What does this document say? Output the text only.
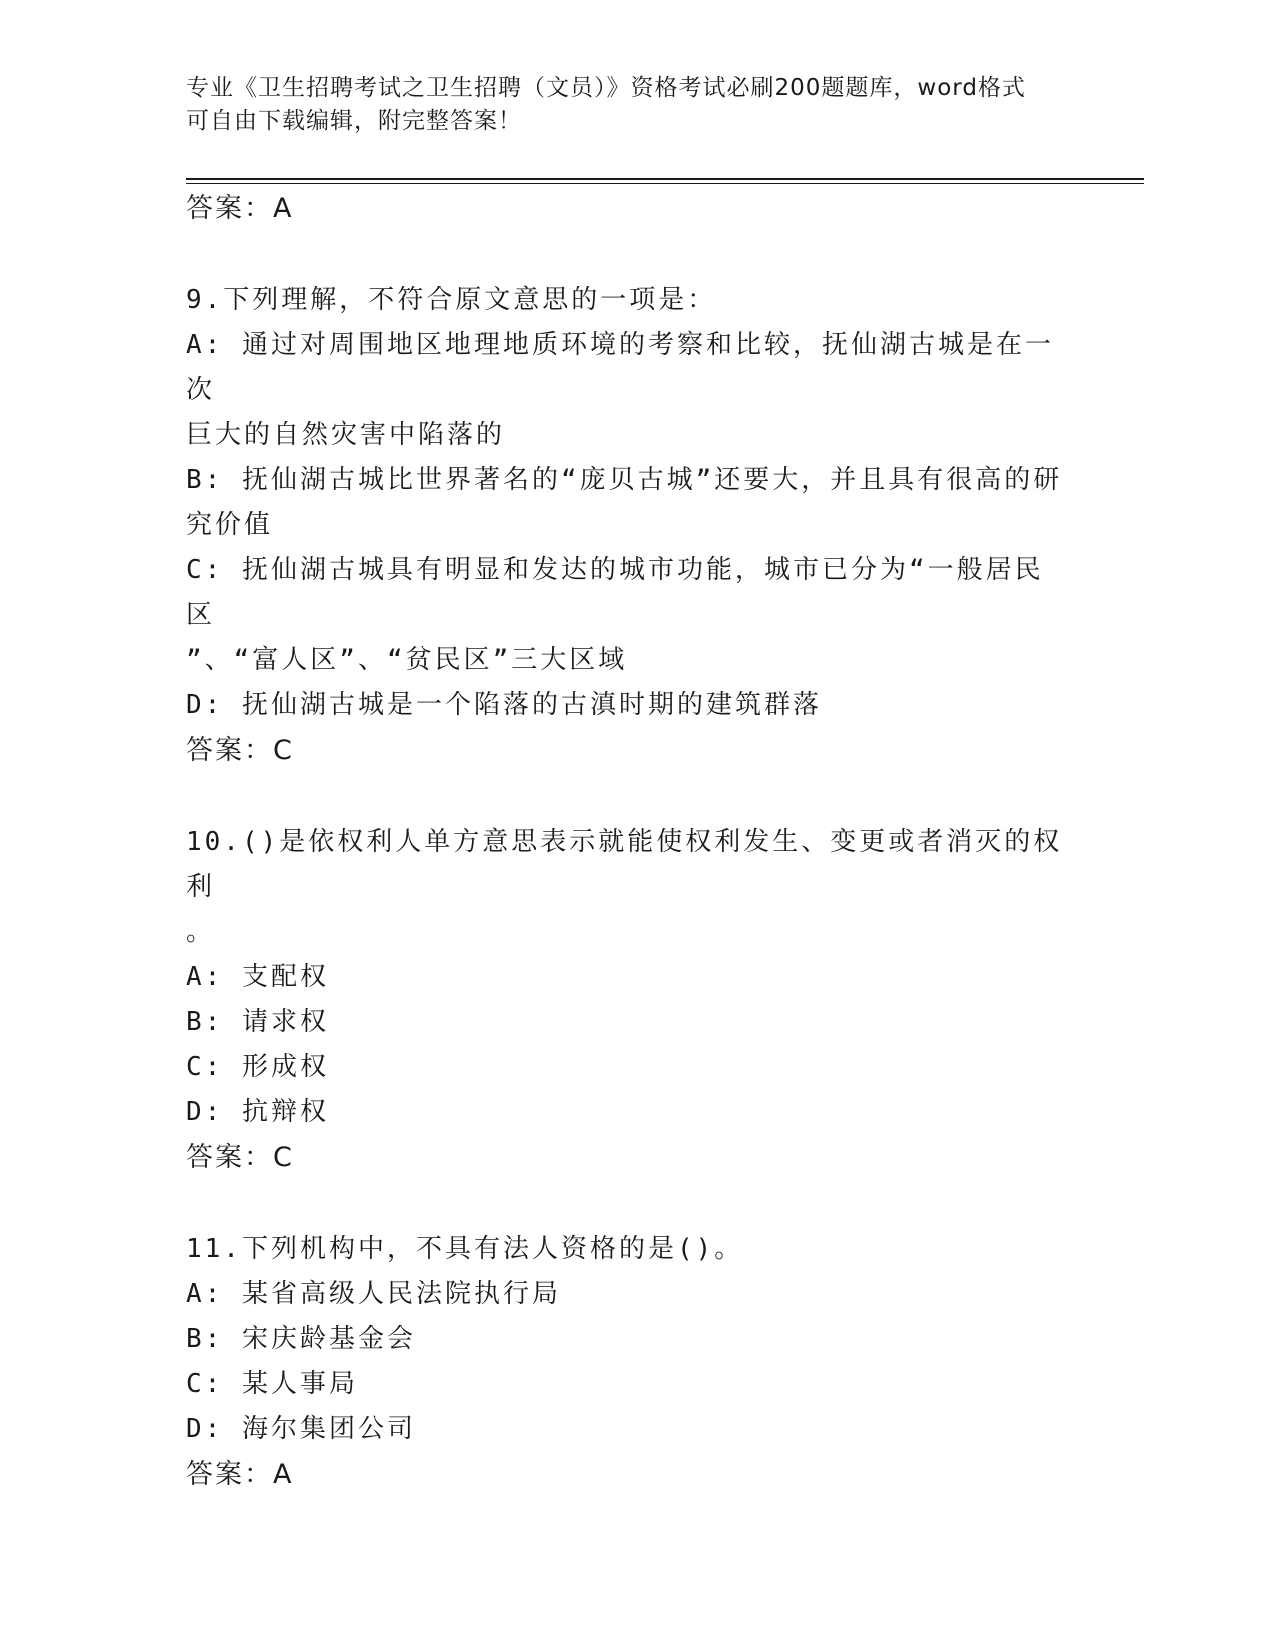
专业《卫生招聘考试之卫生招聘（文员）》资格考试必刷200题题库，word格式
可自由下载编辑，附完整答案！
答案：A
9.下列理解，不符合原文意思的一项是：
A: 通过对周围地区地理地质环境的考察和比较，抚仙湖古城是在一次
巨大的自然灾害中陷落的
B: 抚仙湖古城比世界著名的“庞贝古城”还要大，并且具有很高的研
究价值
C: 抚仙湖古城具有明显和发达的城市功能，城市已分为“一般居民区
”、“富人区”、“贫民区”三大区域
D: 抚仙湖古城是一个陷落的古滇时期的建筑群落
答案：C
10.()是依权利人单方意思表示就能使权利发生、变更或者消灭的权利
。
A: 支配权
B: 请求权
C: 形成权
D: 抗辩权
答案：C
11.下列机构中，不具有法人资格的是()。
A: 某省高级人民法院执行局
B: 宋庆龄基金会
C: 某人事局
D: 海尔集团公司
答案：A
